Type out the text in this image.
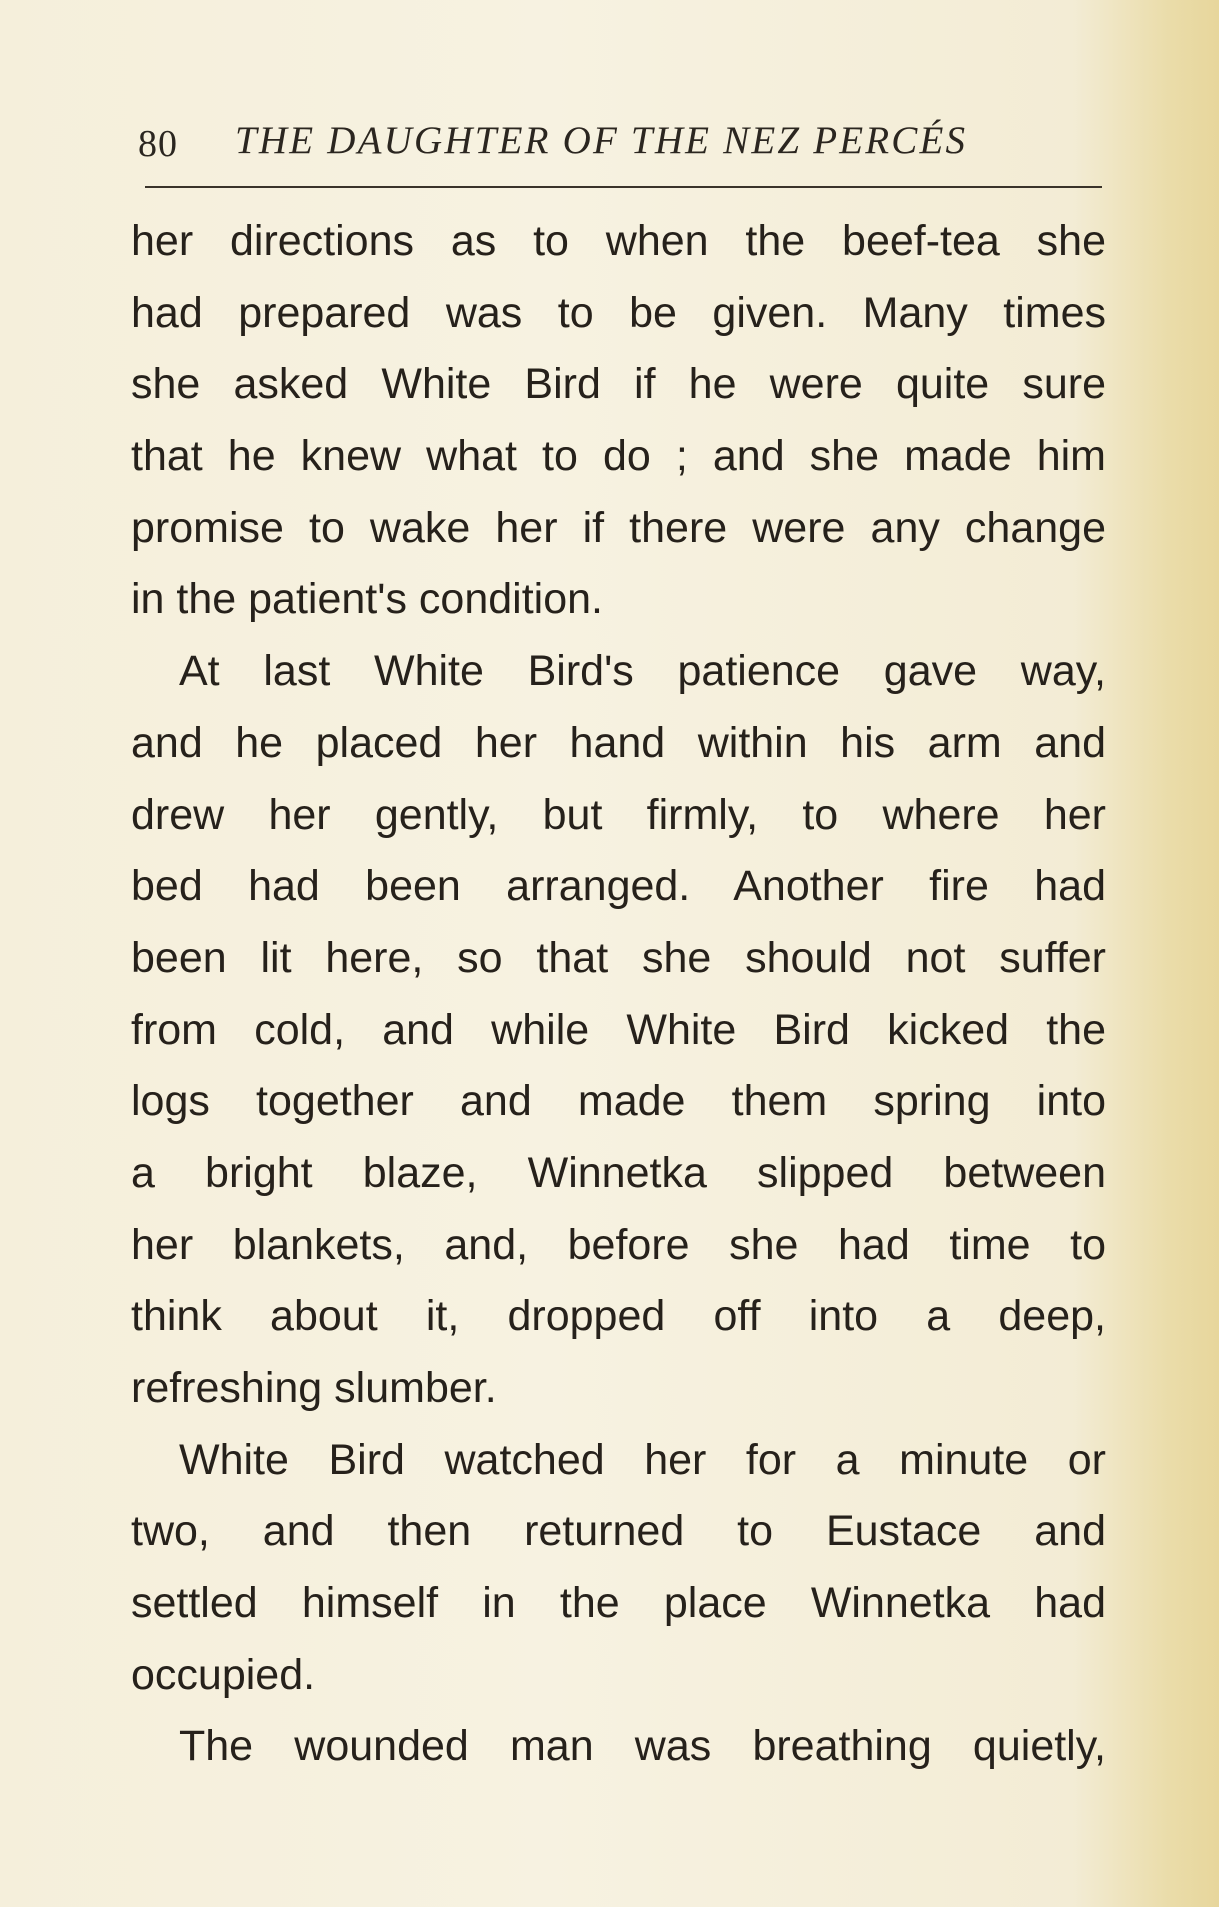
80 THE DAUGHTER OF THE NEZ PERCÉS
her directions as to when the beef-tea she
had prepared was to be given. Many times
she asked White Bird if he were quite sure
that he knew what to do ; and she made him
promise to wake her if there were any change
in the patient's condition.
At last White Bird's patience gave way,
and he placed her hand within his arm and
drew her gently, but firmly, to where her
bed had been arranged. Another fire had
been lit here, so that she should not suffer
from cold, and while White Bird kicked the
logs together and made them spring into
a bright blaze, Winnetka slipped between
her blankets, and, before she had time to
think about it, dropped off into a deep,
refreshing slumber.
White Bird watched her for a minute or
two, and then returned to Eustace and
settled himself in the place Winnetka had
occupied.
The wounded man was breathing quietly,
